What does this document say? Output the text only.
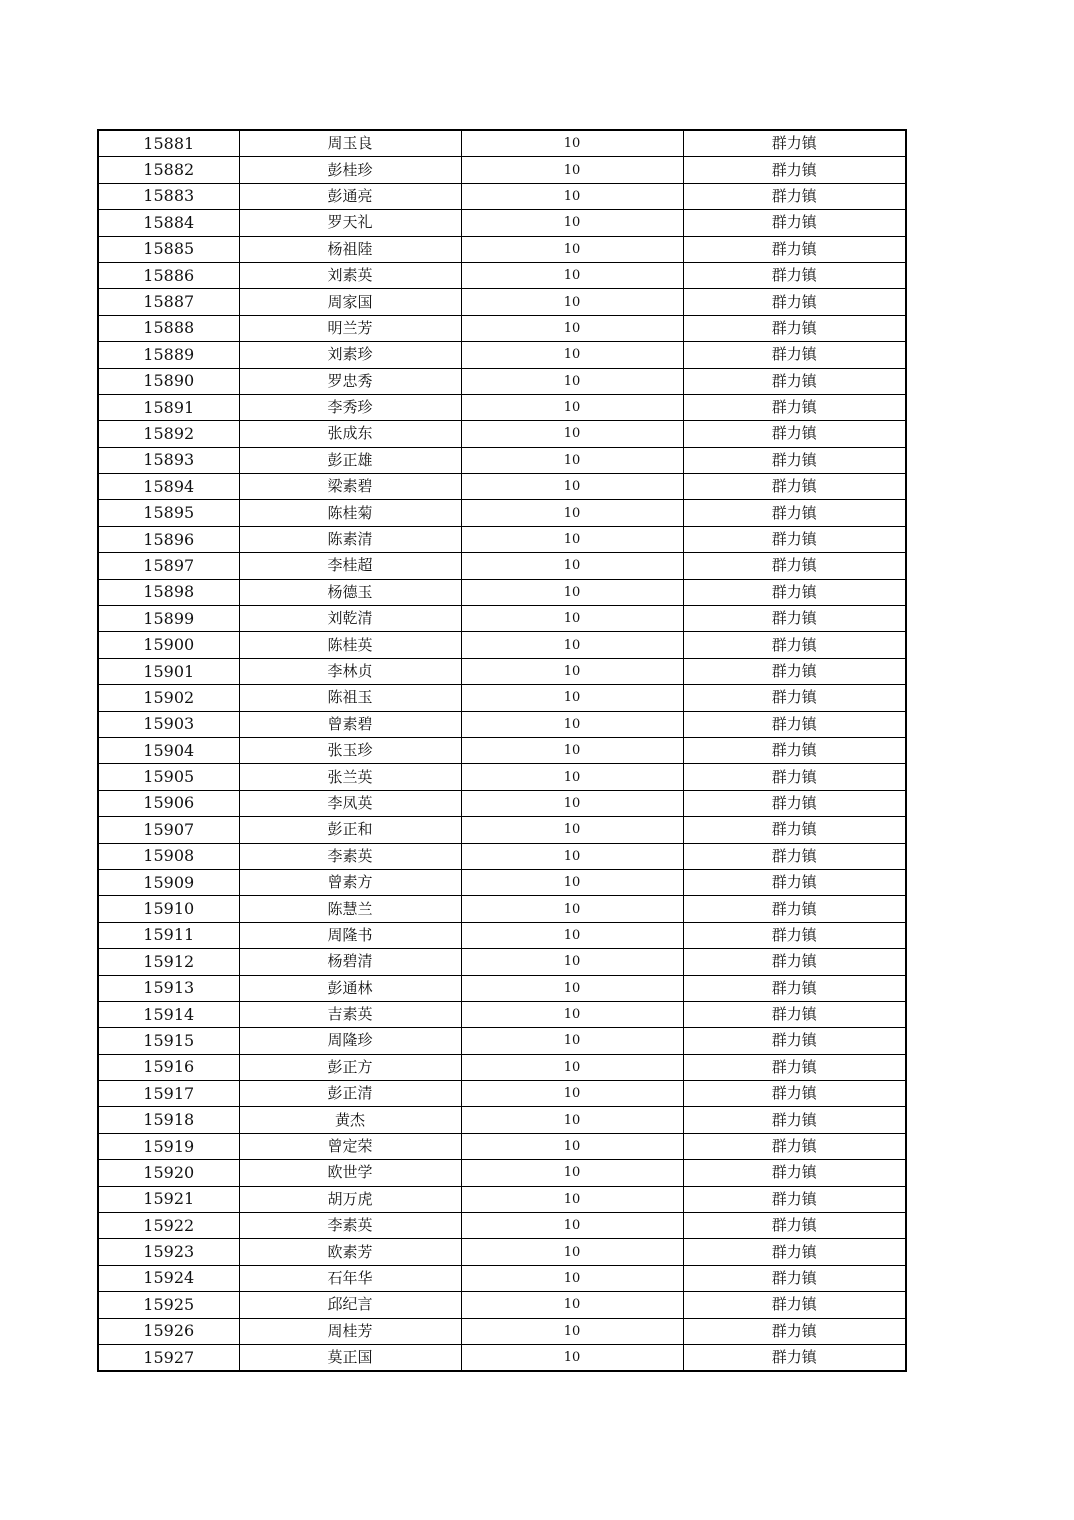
15881	周玉良	10	群力镇
15882	彭桂珍	10	群力镇
15883	彭通亮	10	群力镇
15884	罗天礼	10	群力镇
15885	杨祖陸	10	群力镇
15886	刘素英	10	群力镇
15887	周家国	10	群力镇
15888	明兰芳	10	群力镇
15889	刘素珍	10	群力镇
15890	罗忠秀	10	群力镇
15891	李秀珍	10	群力镇
15892	张成东	10	群力镇
15893	彭正雄	10	群力镇
15894	梁素碧	10	群力镇
15895	陈桂菊	10	群力镇
15896	陈素清	10	群力镇
15897	李桂超	10	群力镇
15898	杨德玉	10	群力镇
15899	刘乾清	10	群力镇
15900	陈桂英	10	群力镇
15901	李林贞	10	群力镇
15902	陈祖玉	10	群力镇
15903	曾素碧	10	群力镇
15904	张玉珍	10	群力镇
15905	张兰英	10	群力镇
15906	李凤英	10	群力镇
15907	彭正和	10	群力镇
15908	李素英	10	群力镇
15909	曾素方	10	群力镇
15910	陈慧兰	10	群力镇
15911	周隆书	10	群力镇
15912	杨碧清	10	群力镇
15913	彭通林	10	群力镇
15914	吉素英	10	群力镇
15915	周隆珍	10	群力镇
15916	彭正方	10	群力镇
15917	彭正清	10	群力镇
15918	黄杰	10	群力镇
15919	曾定荣	10	群力镇
15920	欧世学	10	群力镇
15921	胡万虎	10	群力镇
15922	李素英	10	群力镇
15923	欧素芳	10	群力镇
15924	石年华	10	群力镇
15925	邱纪言	10	群力镇
15926	周桂芳	10	群力镇
15927	莫正国	10	群力镇
